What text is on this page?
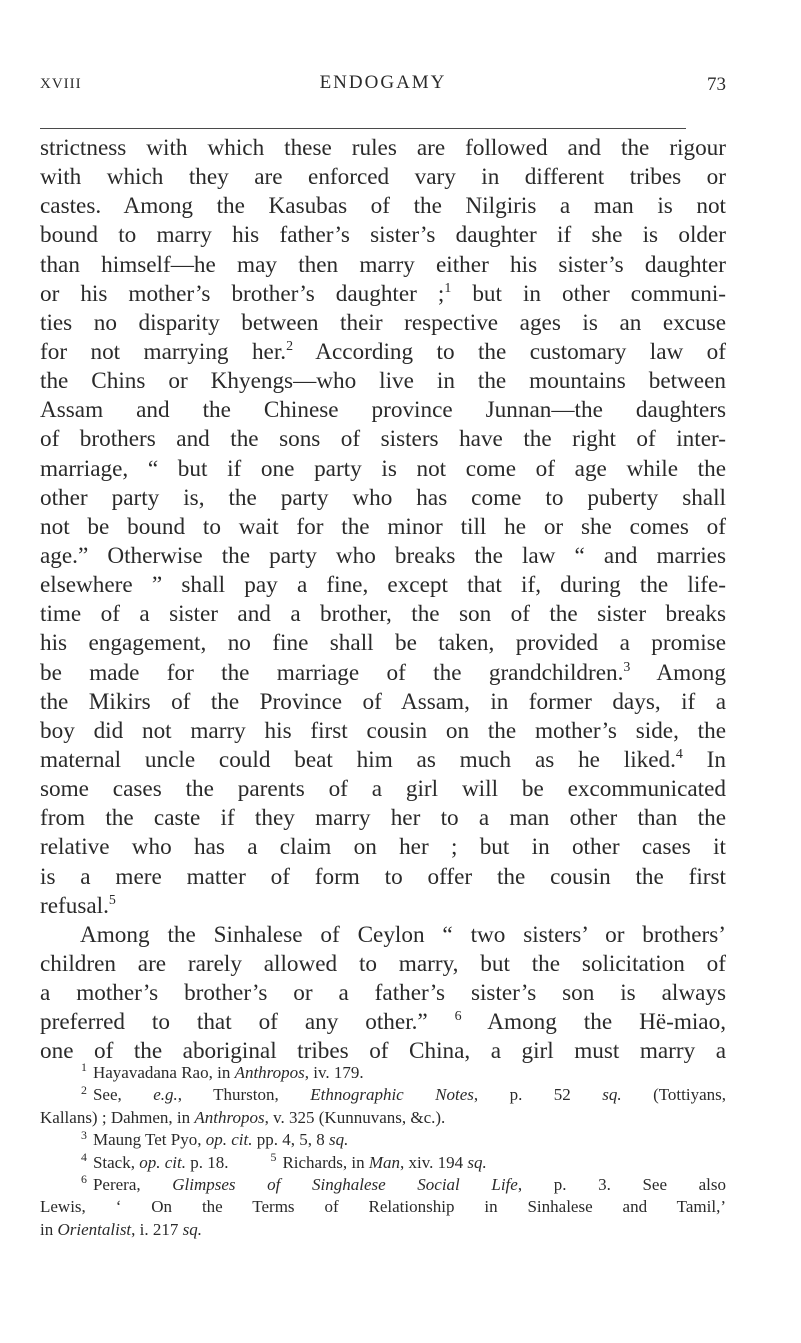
XVIII	ENDOGAMY	73
strictness with which these rules are followed and the rigour
with which they are enforced vary in different tribes or
castes. Among the Kasubas of the Nilgiris a man is not
bound to marry his father’s sister’s daughter if she is older
than himself—he may then marry either his sister’s daughter
or his mother’s brother’s daughter ;$^1$ but in other communi-
ties no disparity between their respective ages is an excuse
for not marrying her.$^2$ According to the customary law of
the Chins or Khyengs—who live in the mountains between
Assam and the Chinese province Junnan—the daughters
of brothers and the sons of sisters have the right of inter-
marriage, “ but if one party is not come of age while the
other party is, the party who has come to puberty shall
not be bound to wait for the minor till he or she comes of
age.” Otherwise the party who breaks the law “ and marries
elsewhere ” shall pay a fine, except that if, during the life-
time of a sister and a brother, the son of the sister breaks
his engagement, no fine shall be taken, provided a promise
be made for the marriage of the grandchildren.$^3$ Among
the Mikirs of the Province of Assam, in former days, if a
boy did not marry his first cousin on the mother’s side, the
maternal uncle could beat him as much as he liked.$^4$ In
some cases the parents of a girl will be excommunicated
from the caste if they marry her to a man other than the
relative who has a claim on her ; but in other cases it
is a mere matter of form to offer the cousin the first
refusal.$^5$
Among the Sinhalese of Ceylon “ two sisters’ or brothers’
children are rarely allowed to marry, but the solicitation of
a mother’s brother’s or a father’s sister’s son is always
preferred to that of any other.” $^6$ Among the Hë-miao,
one of the aboriginal tribes of China, a girl must marry a
$^1$ Hayavadana Rao, in Anthropos, iv. 179.
$^2$ See, e.g., Thurston, Ethnographic Notes, p. 52 sq. (Tottiyans,
Kallans) ; Dahmen, in Anthropos, v. 325 (Kunnuvans, &c.).
$^3$ Maung Tet Pyo, op. cit. pp. 4, 5, 8 sq.
$^4$ Stack, op. cit. p. 18.	$^5$ Richards, in Man, xiv. 194 sq.
$^6$ Perera, Glimpses of Singhalese Social Life, p. 3. See also
Lewis, ‘ On the Terms of Relationship in Sinhalese and Tamil,’
in Orientalist, i. 217 sq.
